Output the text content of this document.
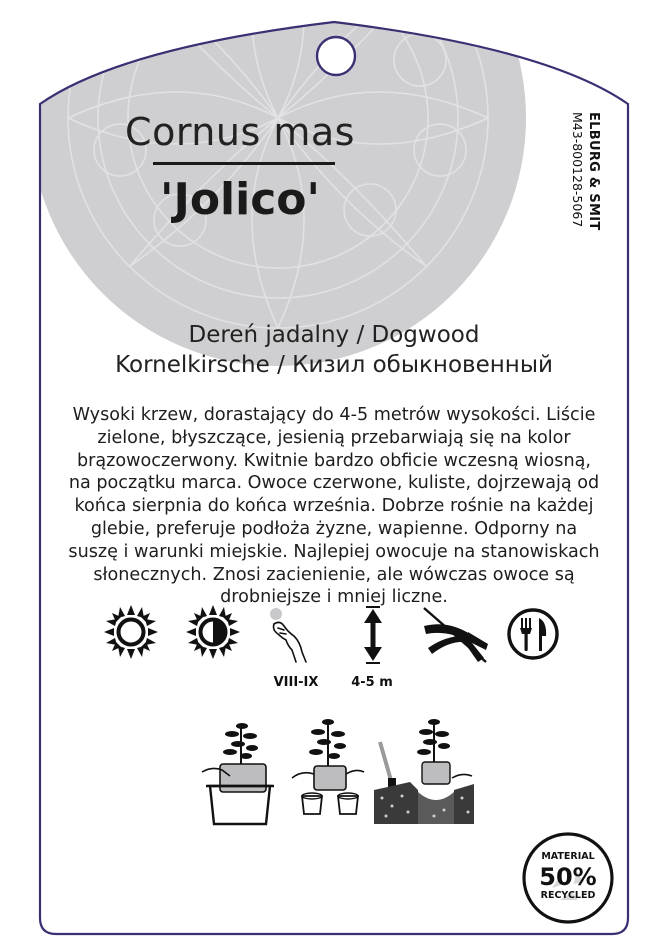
Cornus mas
'Jolico'	ELBURG & SMIT
M43-800128-5067
Dereń jadalny / Dogwood
Kornelkirsche / Кизил обыкновенный
Wysoki krzew, dorastający do 4-5 metrów wysokości. Liście
zielone, błyszczące, jesienią przebarwiają się na kolor
brązowoczerwony. Kwitnie bardzo obficie wczesną wiosną,
na początku marca. Owoce czerwone, kuliste, dojrzewają od
końca sierpnia do końca września. Dobrze rośnie na każdej
glebie, preferuje podłoża żyzne, wapienne. Odporny na
suszę i warunki miejskie. Najlepiej owocuje na stanowiskach
słonecznych. Znosi zacienienie, ale wówczas owoce są
drobniejsze i mniej liczne.
VIII-IX	4-5 m
MATERIAL
50%
RECYCLED
